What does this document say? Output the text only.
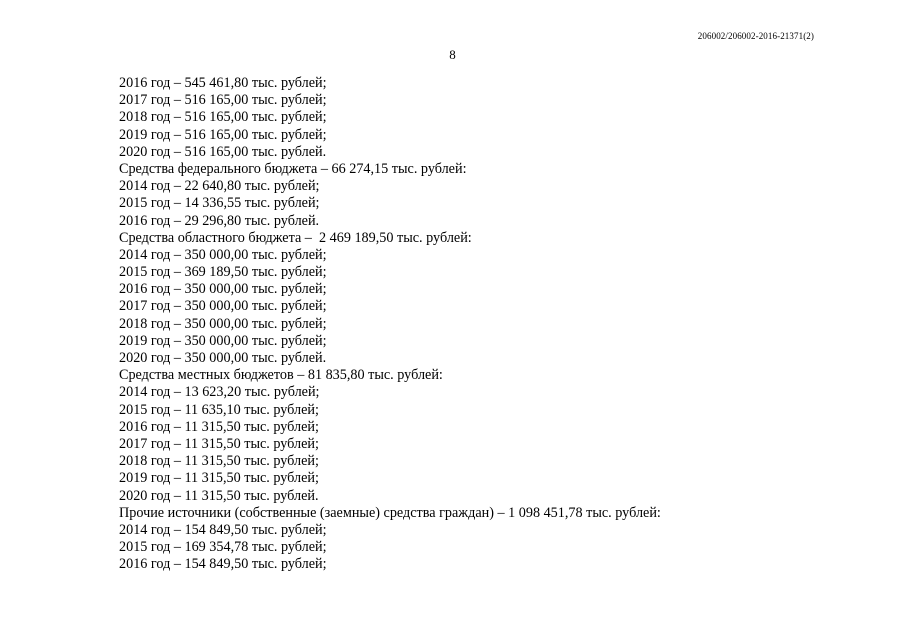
206002/206002-2016-21371(2)
8
2016 год – 545 461,80 тыс. рублей;
2017 год – 516 165,00 тыс. рублей;
2018 год – 516 165,00 тыс. рублей;
2019 год – 516 165,00 тыс. рублей;
2020 год – 516 165,00 тыс. рублей.
Средства федерального бюджета – 66 274,15 тыс. рублей:
2014 год – 22 640,80 тыс. рублей;
2015 год – 14 336,55 тыс. рублей;
2016 год – 29 296,80 тыс. рублей.
Средства областного бюджета –  2 469 189,50 тыс. рублей:
2014 год – 350 000,00 тыс. рублей;
2015 год – 369 189,50 тыс. рублей;
2016 год – 350 000,00 тыс. рублей;
2017 год – 350 000,00 тыс. рублей;
2018 год – 350 000,00 тыс. рублей;
2019 год – 350 000,00 тыс. рублей;
2020 год – 350 000,00 тыс. рублей.
Средства местных бюджетов – 81 835,80 тыс. рублей:
2014 год – 13 623,20 тыс. рублей;
2015 год – 11 635,10 тыс. рублей;
2016 год – 11 315,50 тыс. рублей;
2017 год – 11 315,50 тыс. рублей;
2018 год – 11 315,50 тыс. рублей;
2019 год – 11 315,50 тыс. рублей;
2020 год – 11 315,50 тыс. рублей.
Прочие источники (собственные (заемные) средства граждан) – 1 098 451,78 тыс. рублей:
2014 год – 154 849,50 тыс. рублей;
2015 год – 169 354,78 тыс. рублей;
2016 год – 154 849,50 тыс. рублей;
